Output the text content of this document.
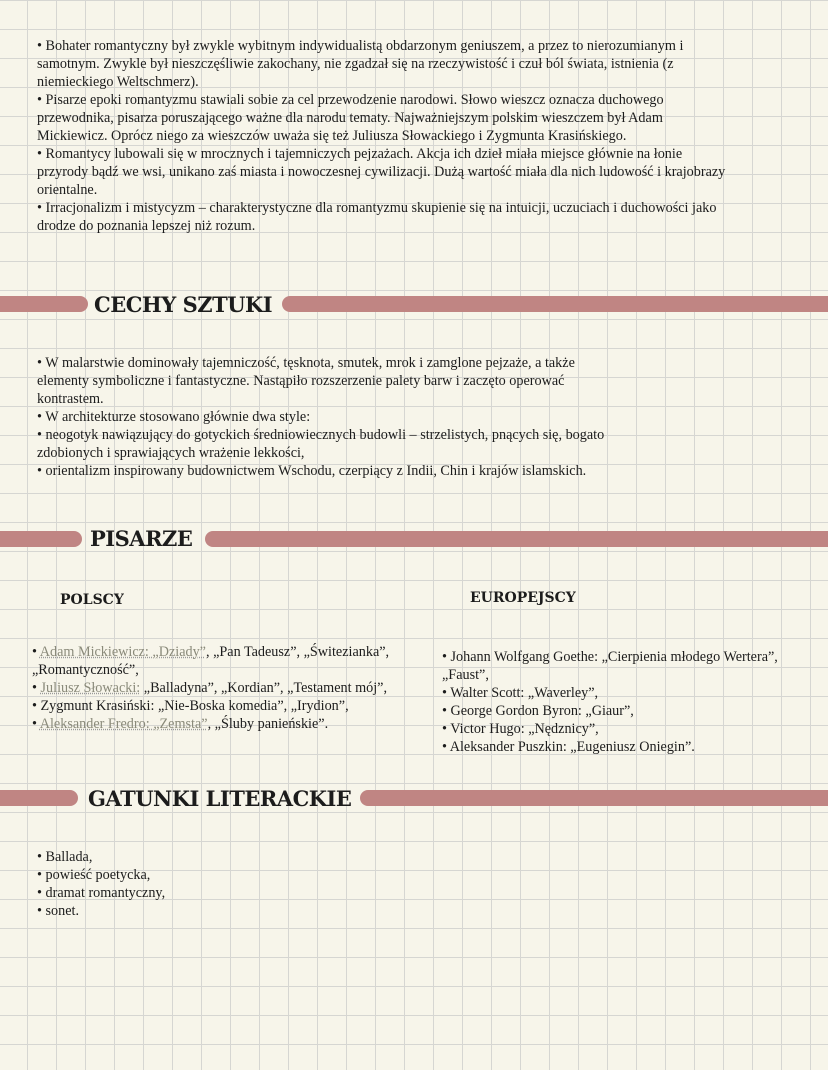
• Bohater romantyczny był zwykle wybitnym indywidualistą obdarzonym geniuszem, a przez to nierozumianym i samotnym. Zwykle był nieszczęśliwie zakochany, nie zgadzał się na rzeczywistość i czuł ból świata, istnienia (z niemieckiego Weltschmerz).

• Pisarze epoki romantyzmu stawiali sobie za cel przewodzenie narodowi. Słowo wieszcz oznacza duchowego przewodnika, pisarza poruszającego ważne dla narodu tematy. Najważniejszym polskim wieszczem był Adam Mickiewicz. Oprócz niego za wieszczów uważa się też Juliusza Słowackiego i Zygmunta Krasińskiego.

• Romantycy lubowali się w mrocznych i tajemniczych pejzażach. Akcja ich dzieł miała miejsce głównie na łonie przyrody bądź we wsi, unikano zaś miasta i nowoczesnej cywilizacji. Dużą wartość miała dla nich ludowość i krajobrazy orientalne.

• Irracjonalizm i mistycyzm – charakterystyczne dla romantyzmu skupienie się na intuicji, uczuciach i duchowości jako drodze do poznania lepszej niż rozum.

CECHY SZTUKI

• W malarstwie dominowały tajemniczość, tęsknota, smutek, mrok i zamglone pejzaże, a także elementy symboliczne i fantastyczne. Nastąpiło rozszerzenie palety barw i zaczęto operować kontrastem.

• W architekturze stosowano głównie dwa style:

• neogotyk nawiązujący do gotyckich średniowiecznych budowli – strzelistych, pnących się, bogato zdobionych i sprawiających wrażenie lekkości,

• orientalizm inspirowany budownictwem Wschodu, czerpiący z Indii, Chin i krajów islamskich.

PISARZE
POLSCY	EUROPEJSCY

• Adam Mickiewicz: „Dziady”, „Pan Tadeusz”, „Świtezianka”, „Romantyczność”,

• Juliusz Słowacki: „Balladyna”, „Kordian”, „Testament mój”,

• Zygmunt Krasiński: „Nie-Boska komedia”, „Irydion”,

• Aleksander Fredro: „Zemsta”, „Śluby panieńskie”.

• Johann Wolfgang Goethe: „Cierpienia młodego Wertera”, „Faust”,

• Walter Scott: „Waverley”,

• George Gordon Byron: „Giaur”,

• Victor Hugo: „Nędznicy”,

• Aleksander Puszkin: „Eugeniusz Oniegin”.

GATUNKI LITERACKIE

• Ballada,

• powieść poetycka,

• dramat romantyczny,

• sonet.
